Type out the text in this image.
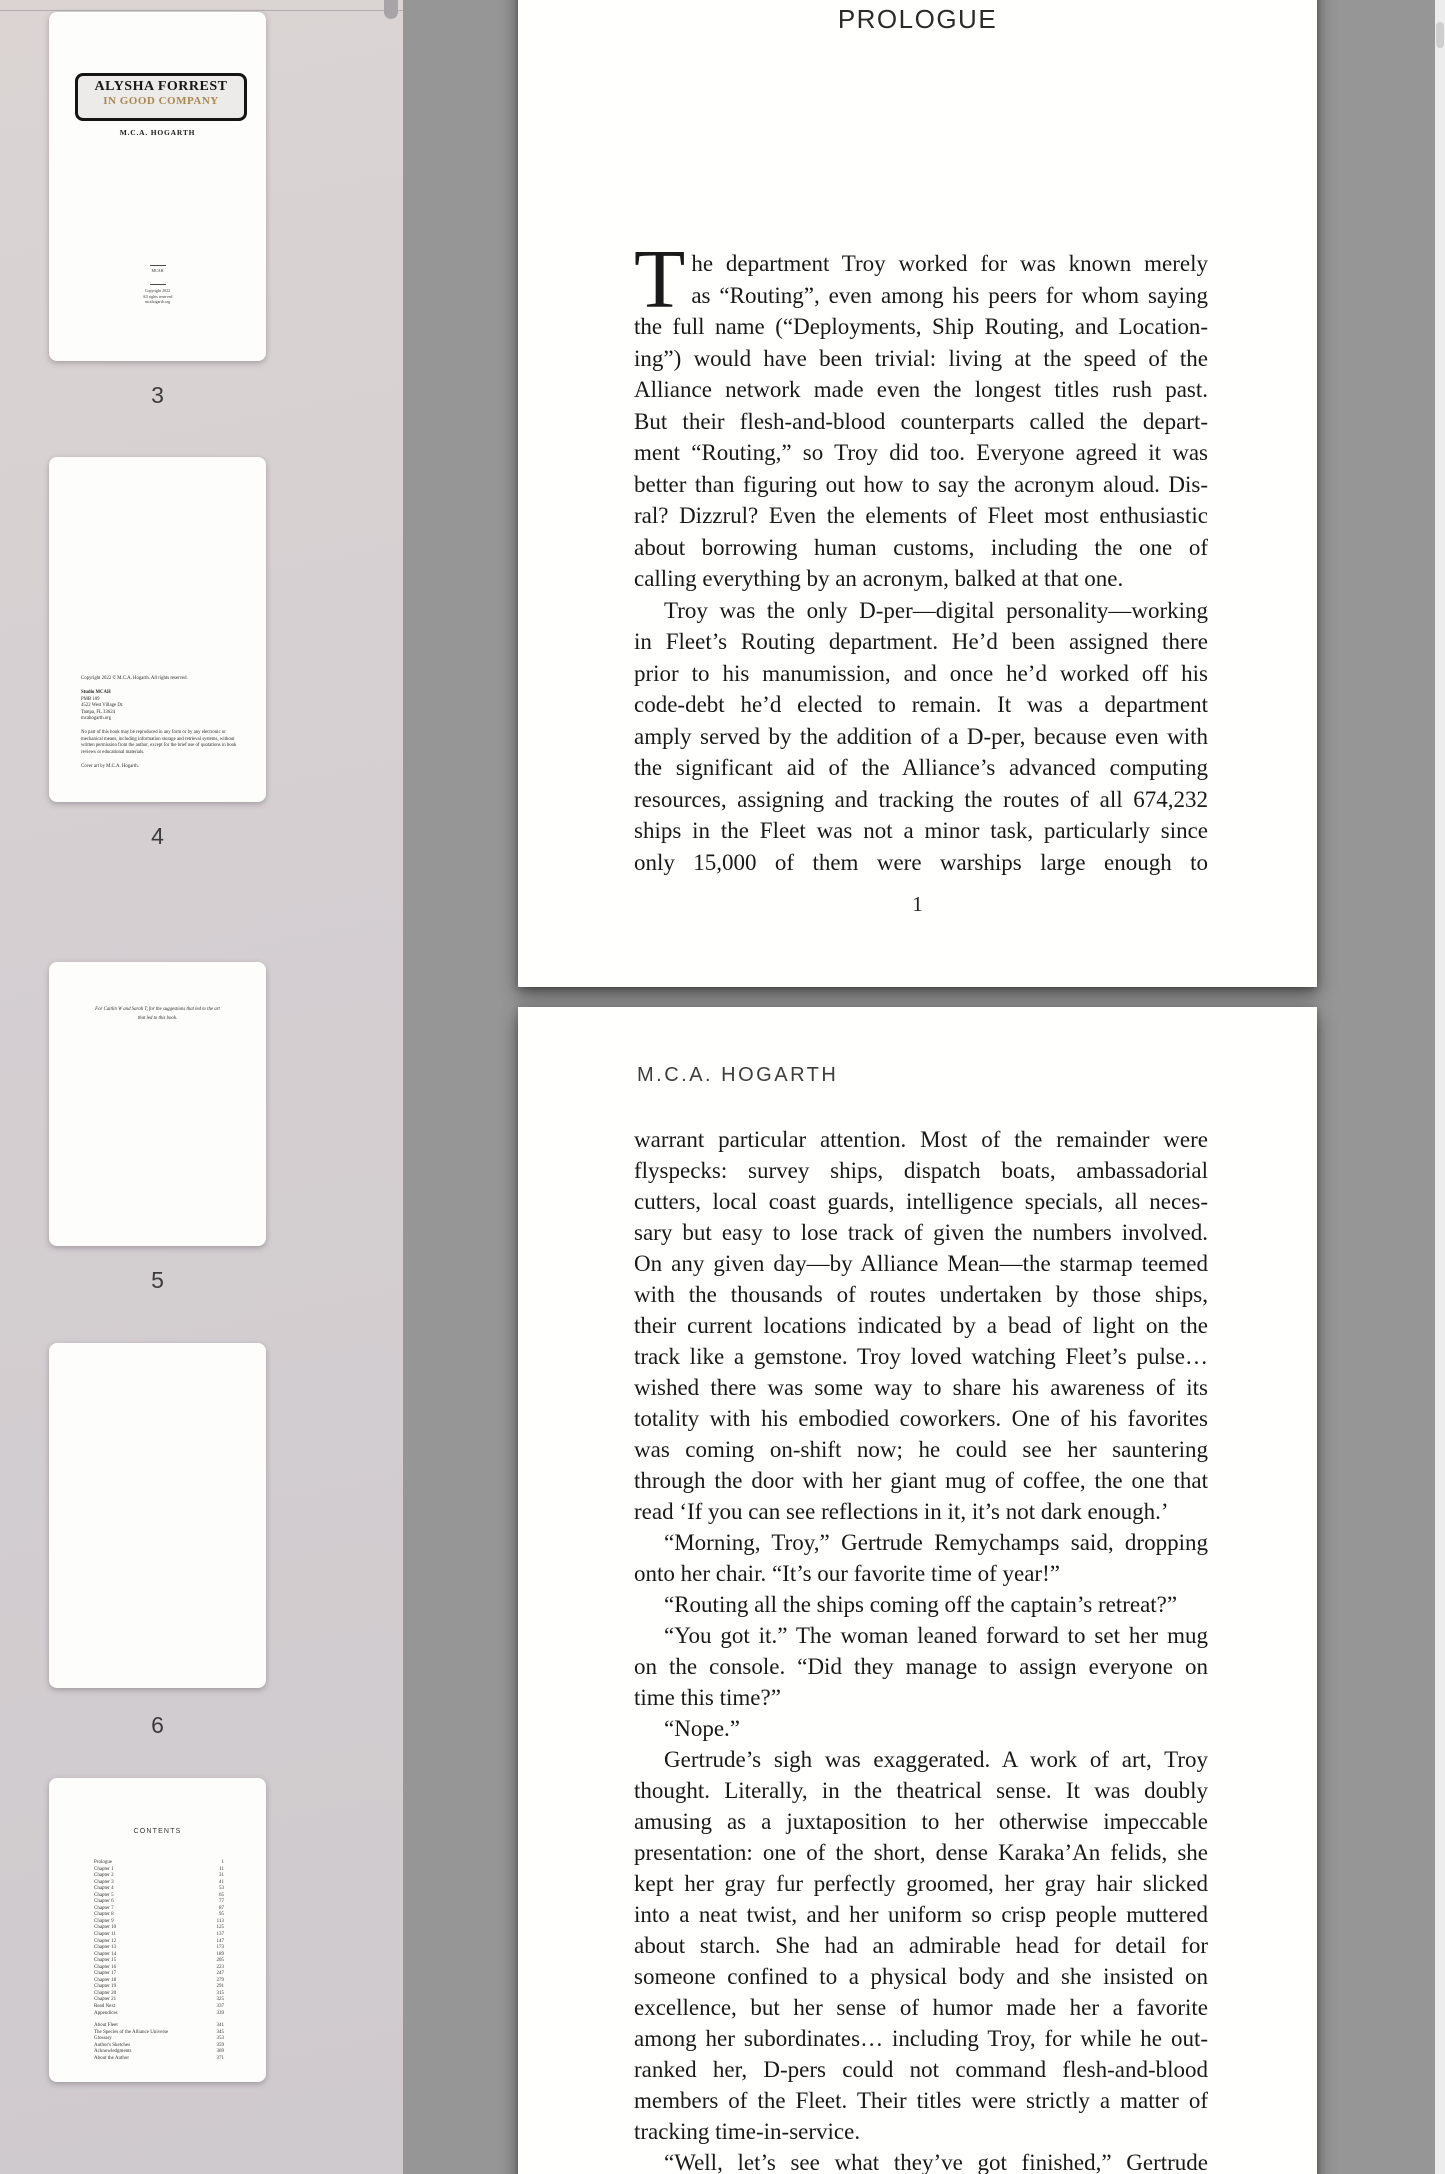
ALYSHA FORREST
IN GOOD COMPANY
M.C.A. HOGARTH
MCAH
Copyright 2022
All rights reserved
mcahogarth.org
3
Copyright 2022 © M.C.A. Hogarth. All rights reserved.
Studio MCAH
PMB 109
4522 West Village Dr.
Tampa, FL 33624
mcahogarth.org
No part of this book may be reproduced in any form or by any electronic or mechanical means, including information storage and retrieval systems, without written permission from the author, except for the brief use of quotations in book reviews or educational materials.
Cover art by M.C.A. Hogarth.
4
For Caitlin W and Sarah T, for the suggestions that led to the art
that led to this book.
5
6
CONTENTS
Prologue	1
Chapter 1	11
Chapter 2	31
Chapter 3	41
Chapter 4	53
Chapter 5	65
Chapter 6	77
Chapter 7	87
Chapter 8	95
Chapter 9	113
Chapter 10	125
Chapter 11	137
Chapter 12	147
Chapter 13	173
Chapter 14	189
Chapter 15	205
Chapter 16	223
Chapter 17	247
Chapter 18	279
Chapter 19	291
Chapter 20	315
Chapter 21	325
Read Next	337
Appendices	339
About Fleet	341
The Species of the Alliance Universe	345
Glossary	353
Author's Sketches	359
Acknowledgments	369
About the Author	371
PROLOGUE
T he department Troy worked for was known merely
as “Routing”, even among his peers for whom saying
the full name (“Deployments, Ship Routing, and Location-
ing”) would have been trivial: living at the speed of the
Alliance network made even the longest titles rush past.
But their flesh-and-blood counterparts called the depart-
ment “Routing,” so Troy did too. Everyone agreed it was
better than figuring out how to say the acronym aloud. Dis-
ral? Dizzrul? Even the elements of Fleet most enthusiastic
about borrowing human customs, including the one of
calling everything by an acronym, balked at that one.
Troy was the only D-per—digital personality—working
in Fleet’s Routing department. He’d been assigned there
prior to his manumission, and once he’d worked off his
code-debt he’d elected to remain. It was a department
amply served by the addition of a D-per, because even with
the significant aid of the Alliance’s advanced computing
resources, assigning and tracking the routes of all 674,232
ships in the Fleet was not a minor task, particularly since
only 15,000 of them were warships large enough to
1
M.C.A. HOGARTH
warrant particular attention. Most of the remainder were
flyspecks: survey ships, dispatch boats, ambassadorial
cutters, local coast guards, intelligence specials, all neces-
sary but easy to lose track of given the numbers involved.
On any given day—by Alliance Mean—the starmap teemed
with the thousands of routes undertaken by those ships,
their current locations indicated by a bead of light on the
track like a gemstone. Troy loved watching Fleet’s pulse…
wished there was some way to share his awareness of its
totality with his embodied coworkers. One of his favorites
was coming on-shift now; he could see her sauntering
through the door with her giant mug of coffee, the one that
read ‘If you can see reflections in it, it’s not dark enough.’
“Morning, Troy,” Gertrude Remychamps said, dropping
onto her chair. “It’s our favorite time of year!”
“Routing all the ships coming off the captain’s retreat?”
“You got it.” The woman leaned forward to set her mug
on the console. “Did they manage to assign everyone on
time this time?”
“Nope.”
Gertrude’s sigh was exaggerated. A work of art, Troy
thought. Literally, in the theatrical sense. It was doubly
amusing as a juxtaposition to her otherwise impeccable
presentation: one of the short, dense Karaka’An felids, she
kept her gray fur perfectly groomed, her gray hair slicked
into a neat twist, and her uniform so crisp people muttered
about starch. She had an admirable head for detail for
someone confined to a physical body and she insisted on
excellence, but her sense of humor made her a favorite
among her subordinates… including Troy, for while he out-
ranked her, D-pers could not command flesh-and-blood
members of the Fleet. Their titles were strictly a matter of
tracking time-in-service.
“Well, let’s see what they’ve got finished,” Gertrude
